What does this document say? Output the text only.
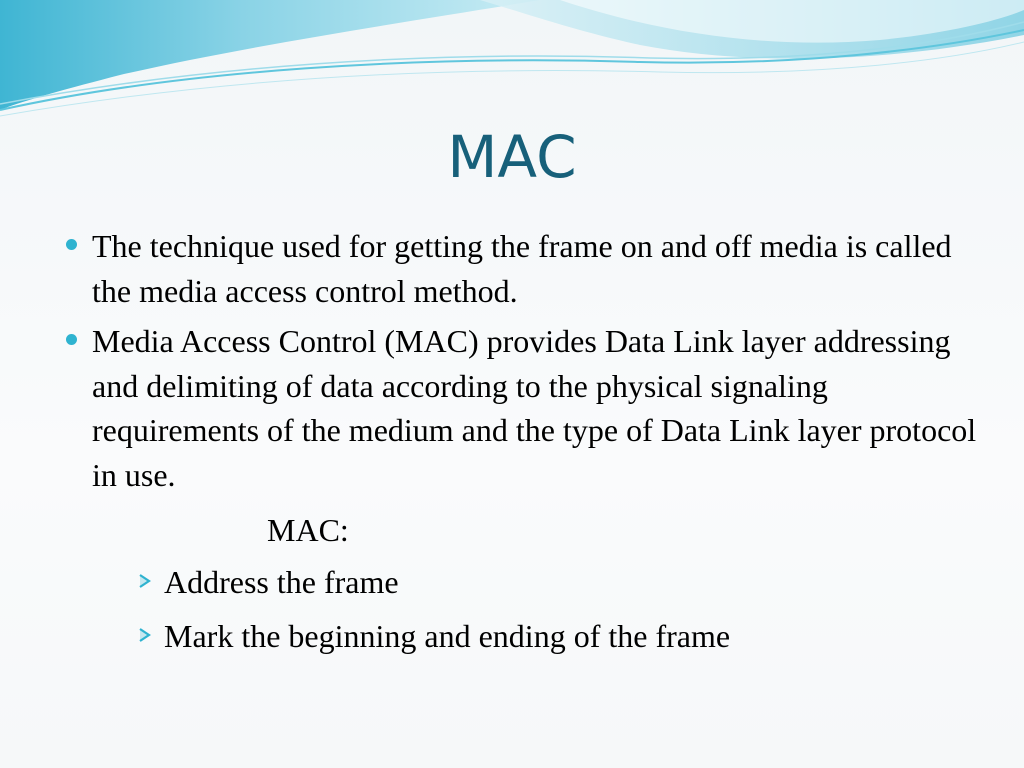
MAC
The technique used for getting the frame on and off media is called the media access control method.
Media Access Control (MAC) provides Data Link layer addressing and delimiting of data according to the physical signaling requirements of the medium and the type of Data Link layer protocol in use.
MAC:
Address the frame
Mark the beginning and ending of the frame
